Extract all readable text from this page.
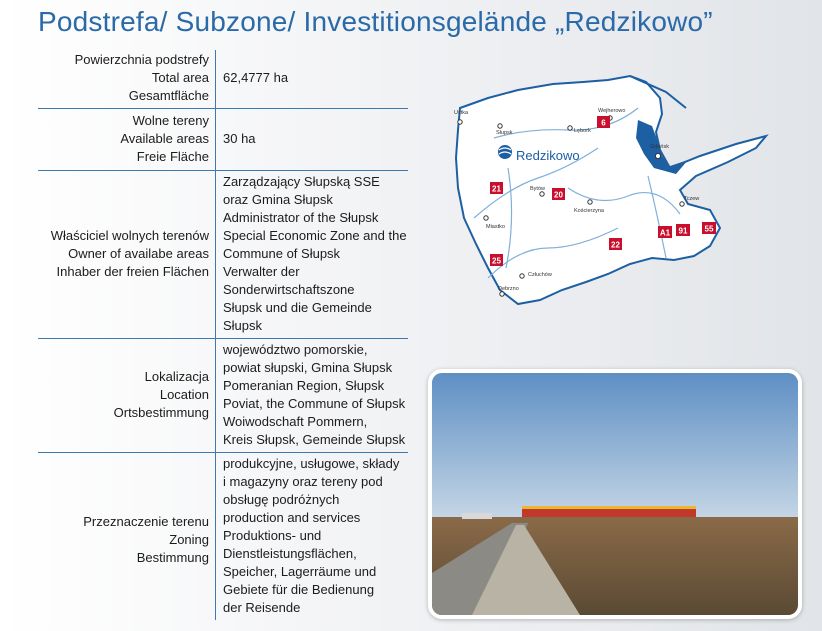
Podstrefa/ Subzone/ Investitionsgelände „Redzikowo”
Powierzchnia podstrefy
Total area
Gesamtfläche
62,4777 ha
Wolne tereny
Available areas
Freie Fläche
30 ha
Właściciel wolnych terenów
Owner of availabe areas
Inhaber der freien Flächen
Zarządzający Słupską SSE
oraz Gmina Słupsk
Administrator of the Słupsk
Special Economic Zone and the
Commune of Słupsk
Verwalter der
Sonderwirtschaftszone
Słupsk und die Gemeinde
Słupsk
Lokalizacja
Location
Ortsbestimmung
województwo pomorskie,
powiat słupski, Gmina Słupsk
Pomeranian Region, Słupsk
Poviat, the Commune of Słupsk
Woiwodschaft Pommern,
Kreis Słupsk, Gemeinde Słupsk
Przeznaczenie terenu
Zoning
Bestimmung
produkcyjne, usługowe, składy
i magazyny oraz tereny pod
obsługę podróżnych
production and services
Produktions- und
Dienstleistungsflächen,
Speicher, Lagerräume und
Gebiete für die Bedienung
der Reisende
Ustka
Słupsk
Wejherowo
Lębork
Gdańsk
Bytów
Kościerzyna
Tczew
Miastko
Człuchów
Debrzno
Redzikowo
6
21
20
22
A1 91 55
25
